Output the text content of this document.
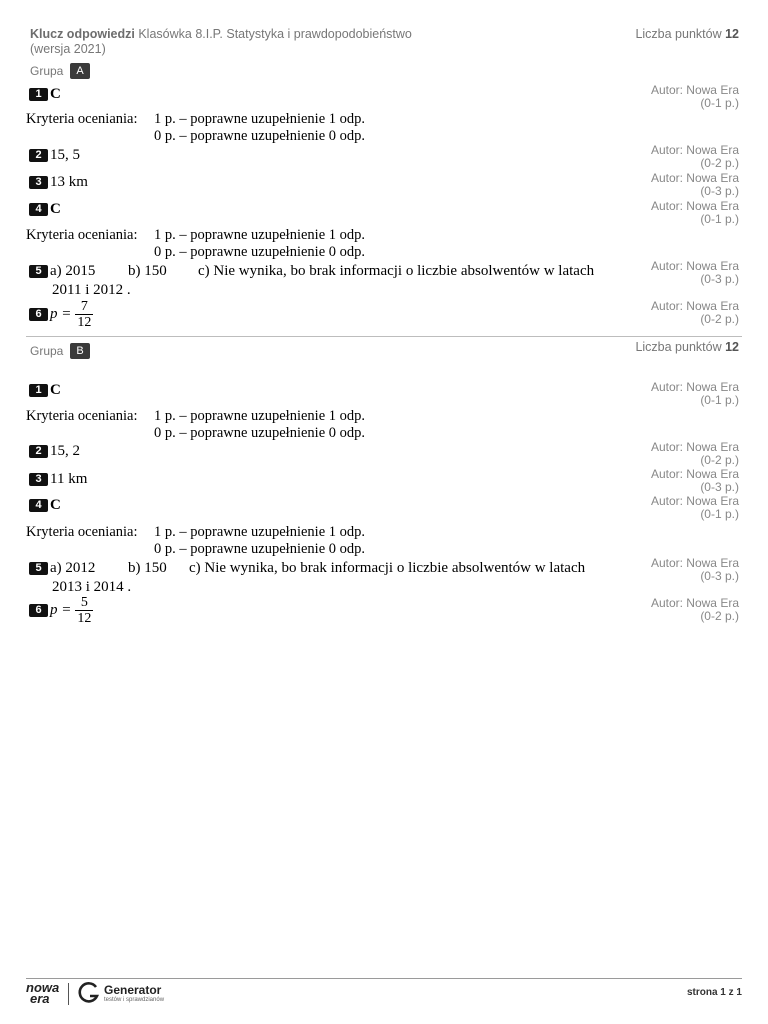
Klucz odpowiedzi Klasówka 8.I.P. Statystyka i prawdopodobieństwo
(wersja 2021)
Liczba punktów 12
Grupa A
1 C	Autor: Nowa Era
(0-1 p.)
Kryteria oceniania: 1 p. – poprawne uzupełnienie 1 odp.
0 p. – poprawne uzupełnienie 0 odp.
2 15, 5	Autor: Nowa Era
(0-2 p.)
3 13 km	Autor: Nowa Era
(0-3 p.)
4 C	Autor: Nowa Era
(0-1 p.)
Kryteria oceniania: 1 p. – poprawne uzupełnienie 1 odp.
0 p. – poprawne uzupełnienie 0 odp.
5 a) 2015 b) 150 c) Nie wynika, bo brak informacji o liczbie absolwentów w latach
2011 i 2012 .
Autor: Nowa Era
(0-3 p.)
6 $p = \frac{7}{12}$	Autor: Nowa Era
(0-2 p.)
Grupa B	Liczba punktów 12
1 C	Autor: Nowa Era
(0-1 p.)
Kryteria oceniania: 1 p. – poprawne uzupełnienie 1 odp.
0 p. – poprawne uzupełnienie 0 odp.
2 15, 2	Autor: Nowa Era
(0-2 p.)
3 11 km	Autor: Nowa Era
(0-3 p.)
4 C	Autor: Nowa Era
(0-1 p.)
Kryteria oceniania: 1 p. – poprawne uzupełnienie 1 odp.
0 p. – poprawne uzupełnienie 0 odp.
5 a) 2012 b) 150 c) Nie wynika, bo brak informacji o liczbie absolwentów w latach
2013 i 2014 .
Autor: Nowa Era
(0-3 p.)
6 $p = \frac{5}{12}$	Autor: Nowa Era
(0-2 p.)
nowa
era
Generator
testów i sprawdzianów
strona 1 z 1
